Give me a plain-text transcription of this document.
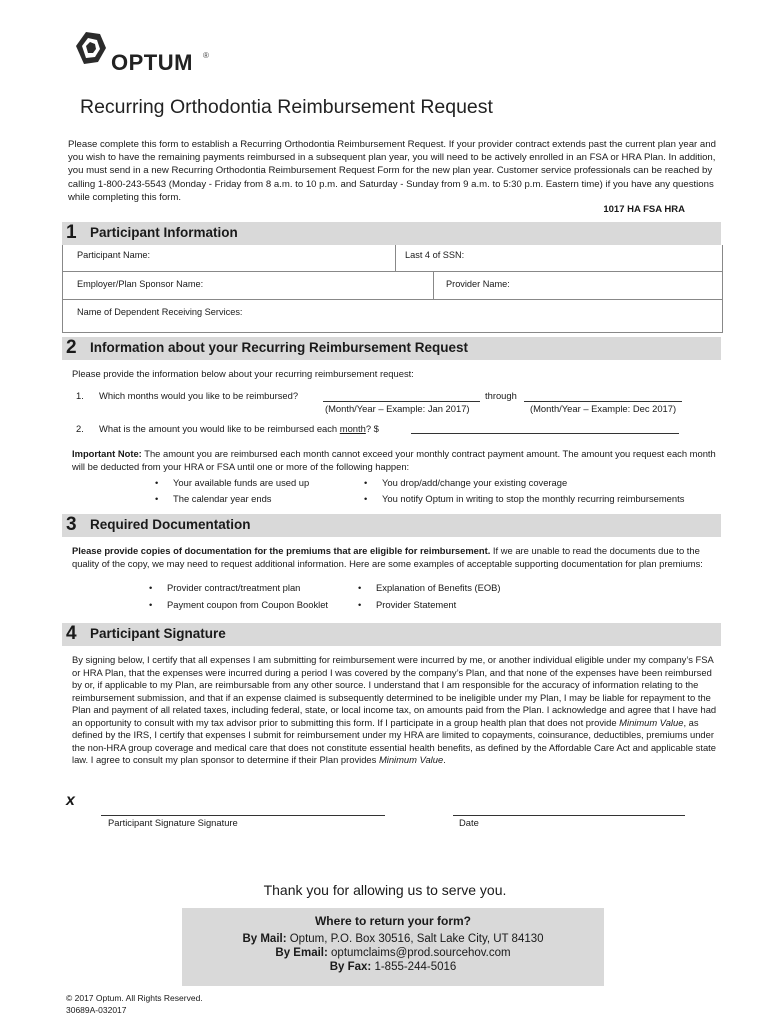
OPTUM ®
Recurring Orthodontia Reimbursement Request
Please complete this form to establish a Recurring Orthodontia Reimbursement Request. If your provider contract extends past the current plan year and you wish to have the remaining payments reimbursed in a subsequent plan year, you will need to be actively enrolled in an FSA or HRA Plan. In addition, you must send in a new Recurring Orthodontia Reimbursement Request Form for the new plan year. Customer service professionals can be reached by calling 1-800-243-5543 (Monday - Friday from 8 a.m. to 10 p.m. and Saturday - Sunday from 9 a.m. to 5:30 p.m. Eastern time) if you have any questions while completing this form.
1017 HA FSA HRA
1 Participant Information
Participant Name:	Last 4 of SSN:
Employer/Plan Sponsor Name:	Provider Name:
Name of Dependent Receiving Services:
2 Information about your Recurring Reimbursement Request
Please provide the information below about your recurring reimbursement request:
1. Which months would you like to be reimbursed?	through
(Month/Year – Example: Jan 2017)	(Month/Year – Example: Dec 2017)
2. What is the amount you would like to be reimbursed each month? $
Important Note: The amount you are reimbursed each month cannot exceed your monthly contract payment amount. The amount you request each month will be deducted from your HRA or FSA until one or more of the following happen:
• Your available funds are used up	• You drop/add/change your existing coverage
• The calendar year ends	• You notify Optum in writing to stop the monthly recurring reimbursements
3 Required Documentation
Please provide copies of documentation for the premiums that are eligible for reimbursement. If we are unable to read the documents due to the quality of the copy, we may need to request additional information. Here are some examples of acceptable supporting documentation for plan premiums:
• Provider contract/treatment plan	• Explanation of Benefits (EOB)
• Payment coupon from Coupon Booklet	• Provider Statement
4 Participant Signature
By signing below, I certify that all expenses I am submitting for reimbursement were incurred by me, or another individual eligible under my company’s FSA or HRA Plan, that the expenses were incurred during a period I was covered by the company’s Plan, and that none of the expenses have been reimbursed by or, if applicable to my Plan, are reimbursable from any other source. I understand that I am responsible for the accuracy of information relating to the reimbursement submission, and that if an expense claimed is subsequently determined to be ineligible under my Plan, I may be liable for repayment to the Plan and payment of all related taxes, including federal, state, or local income tax, on amounts paid from the Plan. I acknowledge and agree that I have had an opportunity to consult with my tax advisor prior to submitting this form. If I participate in a group health plan that does not provide Minimum Value, as defined by the IRS, I certify that expenses I submit for reimbursement under my HRA are limited to copayments, coinsurance, deductibles, premiums under the non-HRA group coverage and medical care that does not constitute essential health benefits, as defined by the Affordable Care Act and applicable state law. I agree to consult my plan sponsor to determine if their Plan provides Minimum Value.
x
Participant Signature Signature	Date
Thank you for allowing us to serve you.
Where to return your form?
By Mail: Optum, P.O. Box 30516, Salt Lake City, UT 84130
By Email: optumclaims@prod.sourcehov.com
By Fax: 1-855-244-5016
© 2017 Optum. All Rights Reserved.
30689A-032017
